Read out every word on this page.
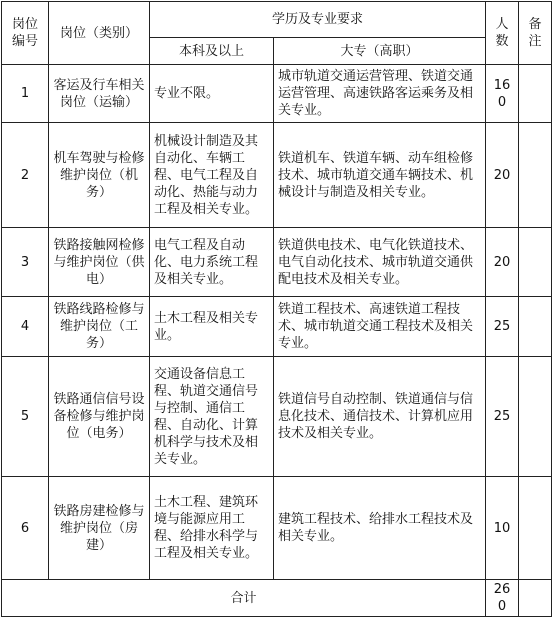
岗位编号	岗位（类别）	学历及专业要求		人数	备注
		本科及以上	大专（高职）		
1	客运及行车相关岗位（运输）	专业不限。	城市轨道交通运营管理、铁道交通运营管理、高速铁路客运乘务及相关专业。	160	
2	机车驾驶与检修维护岗位（机务）	机械设计制造及其自动化、车辆工程、电气工程及自动化、热能与动力工程及相关专业。	铁道机车、铁道车辆、动车组检修技术、城市轨道交通车辆技术、机械设计与制造及相关专业。	20	
3	铁路接触网检修与维护岗位（供电）	电气工程及自动化、电力系统工程及相关专业。	铁道供电技术、电气化铁道技术、电气自动化技术、城市轨道交通供配电技术及相关专业。	20	
4	铁路线路检修与维护岗位（工务）	土木工程及相关专业。	铁道工程技术、高速铁道工程技术、城市轨道交通工程技术及相关专业。	25	
5	铁路通信信号设备检修与维护岗位（电务）	交通设备信息工程、轨道交通信号与控制、通信工程、自动化、计算机科学与技术及相关专业。	铁道信号自动控制、铁道通信与信息化技术、通信技术、计算机应用技术及相关专业。	25	
6	铁路房建检修与维护岗位（房建）	土木工程、建筑环境与能源应用工程、给排水科学与工程及相关专业。	建筑工程技术、给排水工程技术及相关专业。	10	
合计				260	
